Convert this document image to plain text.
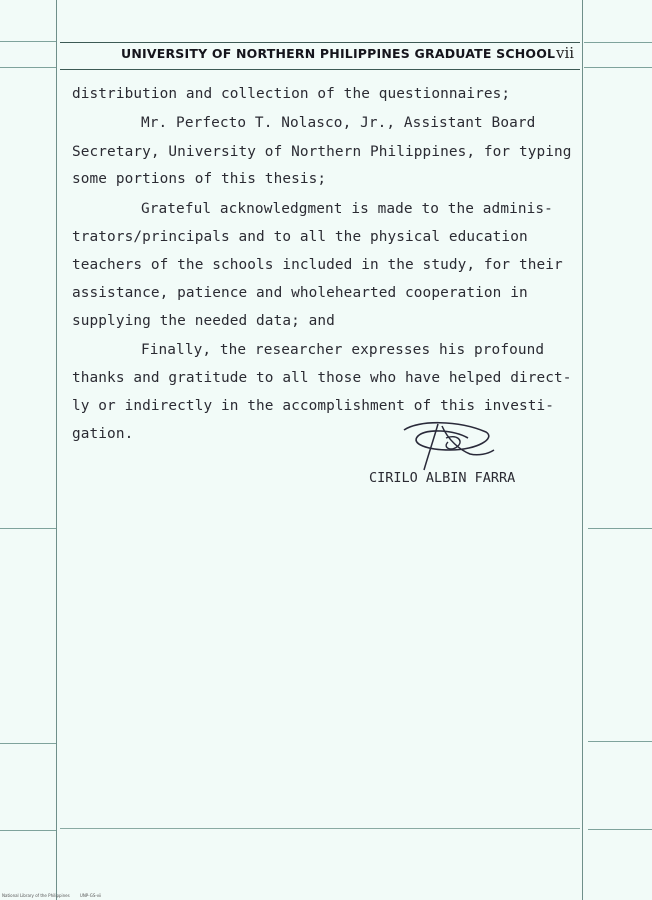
UNIVERSITY OF NORTHERN PHILIPPINES GRADUATE SCHOOL vii
distribution and collection of the questionnaires;
Mr. Perfecto T. Nolasco, Jr., Assistant Board
Secretary, University of Northern Philippines, for typing
some portions of this thesis;
Grateful acknowledgment is made to the adminis-
trators/principals and to all the physical education
teachers of the schools included in the study, for their
assistance, patience and wholehearted cooperation in
supplying the needed data; and
Finally, the researcher expresses his profound
thanks and gratitude to all those who have helped direct-
ly or indirectly in the accomplishment of this investi-
gation.
CIRILO ALBIN FARRA
National Library of the Philippines	UNP-GS-vii
